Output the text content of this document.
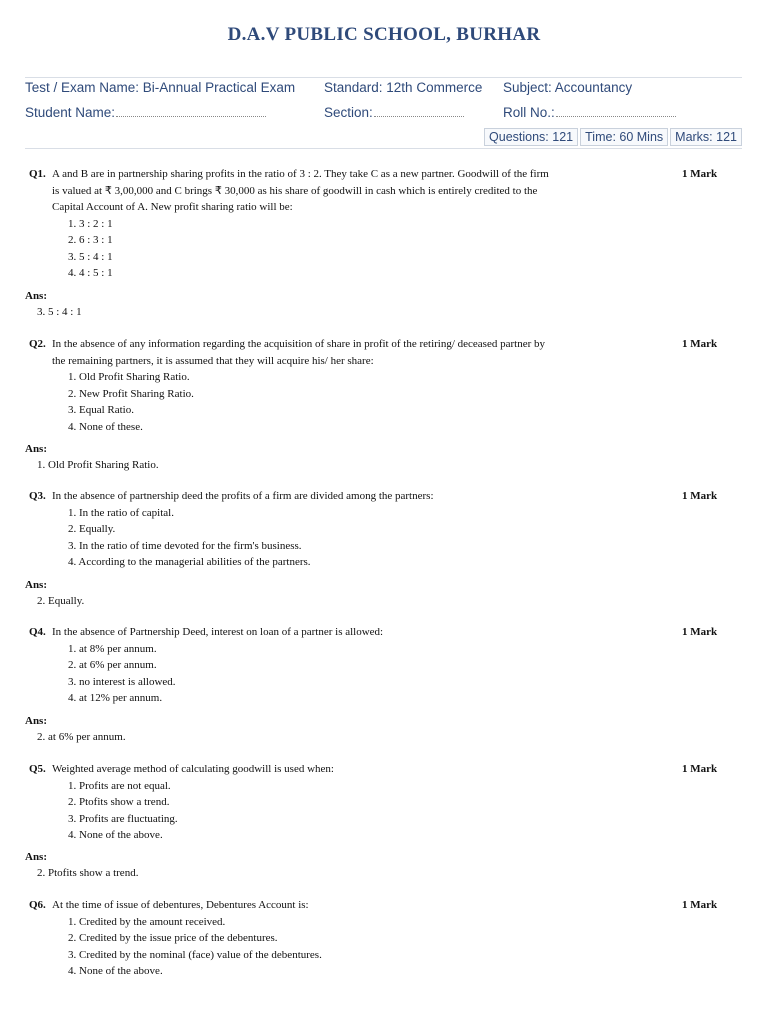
D.A.V PUBLIC SCHOOL, BURHAR
Test / Exam Name: Bi-Annual Practical Exam Standard: 12th Commerce Subject: Accountancy
Student Name:	Section:	Roll No.:
Questions: 121 Time: 60 Mins Marks: 121
Q1. A and B are in partnership sharing profits in the ratio of 3 : 2. They take C as a new partner. Goodwill of the firm is valued at ₹ 3,00,000 and C brings ₹ 30,000 as his share of goodwill in cash which is entirely credited to the Capital Account of A. New profit sharing ratio will be:
1 Mark
1. 3 : 2 : 1
2. 6 : 3 : 1
3. 5 : 4 : 1
4. 4 : 5 : 1
Ans:
3. 5 : 4 : 1
Q2. In the absence of any information regarding the acquisition of share in profit of the retiring/ deceased partner by the remaining partners, it is assumed that they will acquire his/ her share:
1 Mark
1. Old Profit Sharing Ratio.
2. New Profit Sharing Ratio.
3. Equal Ratio.
4. None of these.
Ans:
1. Old Profit Sharing Ratio.
Q3. In the absence of partnership deed the profits of a firm are divided among the partners:	1 Mark
1. In the ratio of capital.
2. Equally.
3. In the ratio of time devoted for the firm's business.
4. According to the managerial abilities of the partners.
Ans:
2. Equally.
Q4. In the absence of Partnership Deed, interest on loan of a partner is allowed:	1 Mark
1. at 8% per annum.
2. at 6% per annum.
3. no interest is allowed.
4. at 12% per annum.
Ans:
2. at 6% per annum.
Q5. Weighted average method of calculating goodwill is used when:	1 Mark
1. Profits are not equal.
2. Ptofits show a trend.
3. Profits are fluctuating.
4. None of the above.
Ans:
2. Ptofits show a trend.
Q6. At the time of issue of debentures, Debentures Account is:	1 Mark
1. Credited by the amount received.
2. Credited by the issue price of the debentures.
3. Credited by the nominal (face) value of the debentures.
4. None of the above.
